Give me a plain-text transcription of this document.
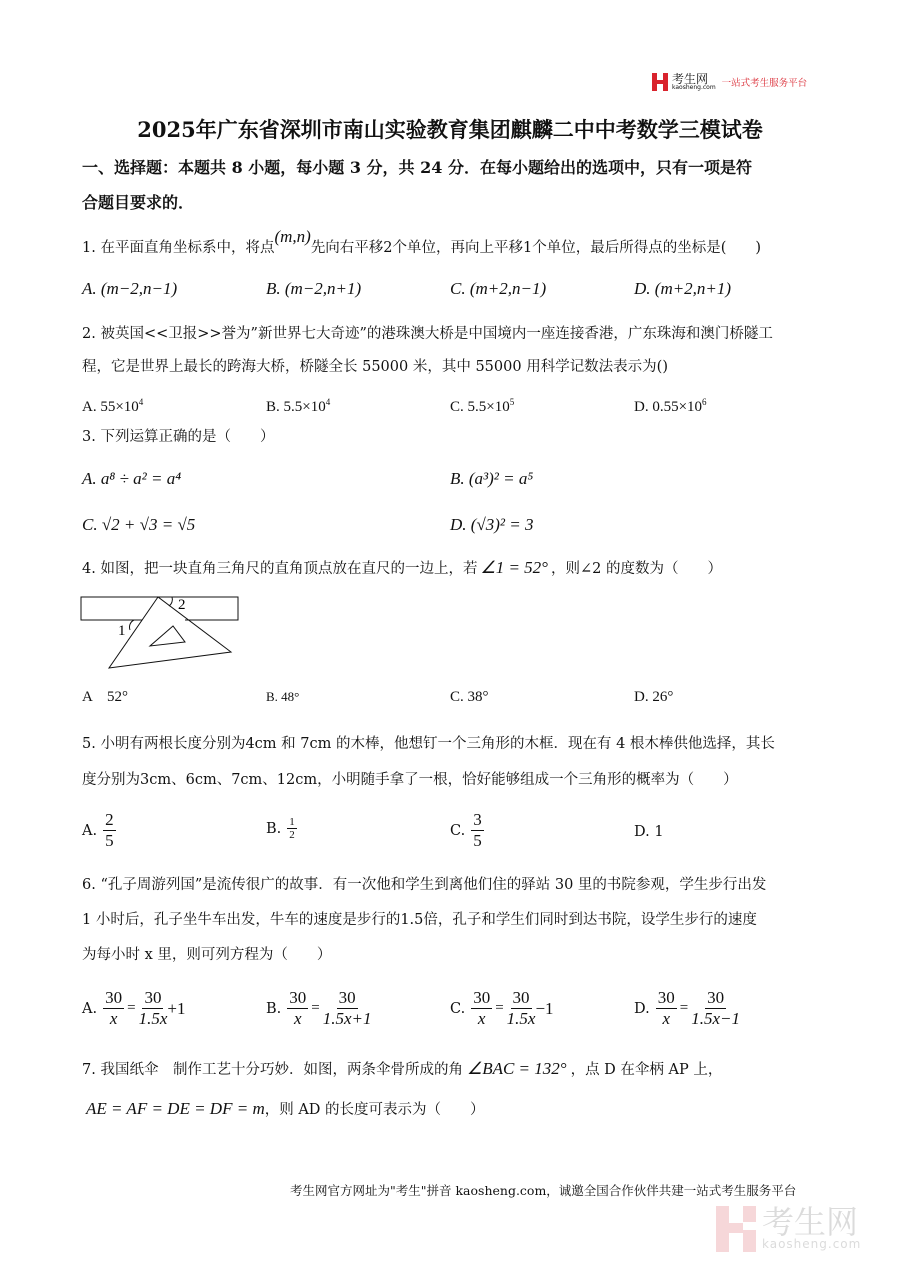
考生网
kaosheng.com 一站式考生服务平台
2025年广东省深圳市南山实验教育集团麒麟二中中考数学三模试卷
一、选择题：本题共 8 小题，每小题 3 分，共 24 分．在每小题给出的选项中，只有一项是符
合题目要求的．
1. 在平面直角坐标系中，将点
(m,n)
先向右平移2个单位，再向上平移1个单位，最后所得点的坐标是(　　)
A. (m−2,n−1)	B. (m−2,n+1)	C. (m+2,n−1)	D. (m+2,n+1)
2. 被英国<<卫报>>誉为”新世界七大奇迹”的港珠澳大桥是中国境内一座连接香港，广东珠海和澳门桥隧工
程，它是世界上最长的跨海大桥，桥隧全长 55000 米，其中 55000 用科学记数法表示为()
A. $55\times 10^4$	B. $5.5\times 10^4$	C. $5.5\times 10^5$	D. $0.55\times 10^6$
3. 下列运算正确的是（　　）
A. a⁸ ÷ a² = a⁴	B. (a³)² = a⁵
C. √2 + √3 = √5	D. (√3)² = 3
4. 如图，把一块直角三角尺的直角顶点放在直尺的一边上，若 ∠1 = 52° ，则∠2 的度数为（　　）
1
2
A　52°	B. 48°	C. 38°	D. 26°
5. 小明有两根长度分别为4cm 和 7cm 的木棒，他想钉一个三角形的木框．现在有 4 根木棒供他选择，其长
度分别为3cm、6cm、7cm、12cm，小明随手拿了一根，恰好能够组成一个三角形的概率为（　　）
A. $\frac{2}{5}$	B. $\frac{1}{2}$	C. $\frac{3}{5}$	D. 1
6. “孔子周游列国”是流传很广的故事．有一次他和学生到离他们住的驿站 30 里的书院参观，学生步行出发
1 小时后，孔子坐牛车出发，牛车的速度是步行的1.5倍，孔子和学生们同时到达书院，设学生步行的速度
为每小时 x 里，则可列方程为（　　）
A. $\frac{30}{x} = \frac{30}{1.5x} +1$	B. $\frac{30}{x} = \frac{30}{1.5x+1}$	C. $\frac{30}{x} = \frac{30}{1.5x} -1$	D. $\frac{30}{x} = \frac{30}{1.5x-1}$
7. 我国纸伞　制作工艺十分巧妙．如图，两条伞骨所成的角 ∠BAC = 132° ，点 D 在伞柄 AP 上，
AE = AF = DE = DF = m ，则 AD 的长度可表示为（　　）
考生网官方网址为"考生"拼音 kaosheng.com，诚邀全国合作伙伴共建一站式考生服务平台
考生网
kaosheng.com
